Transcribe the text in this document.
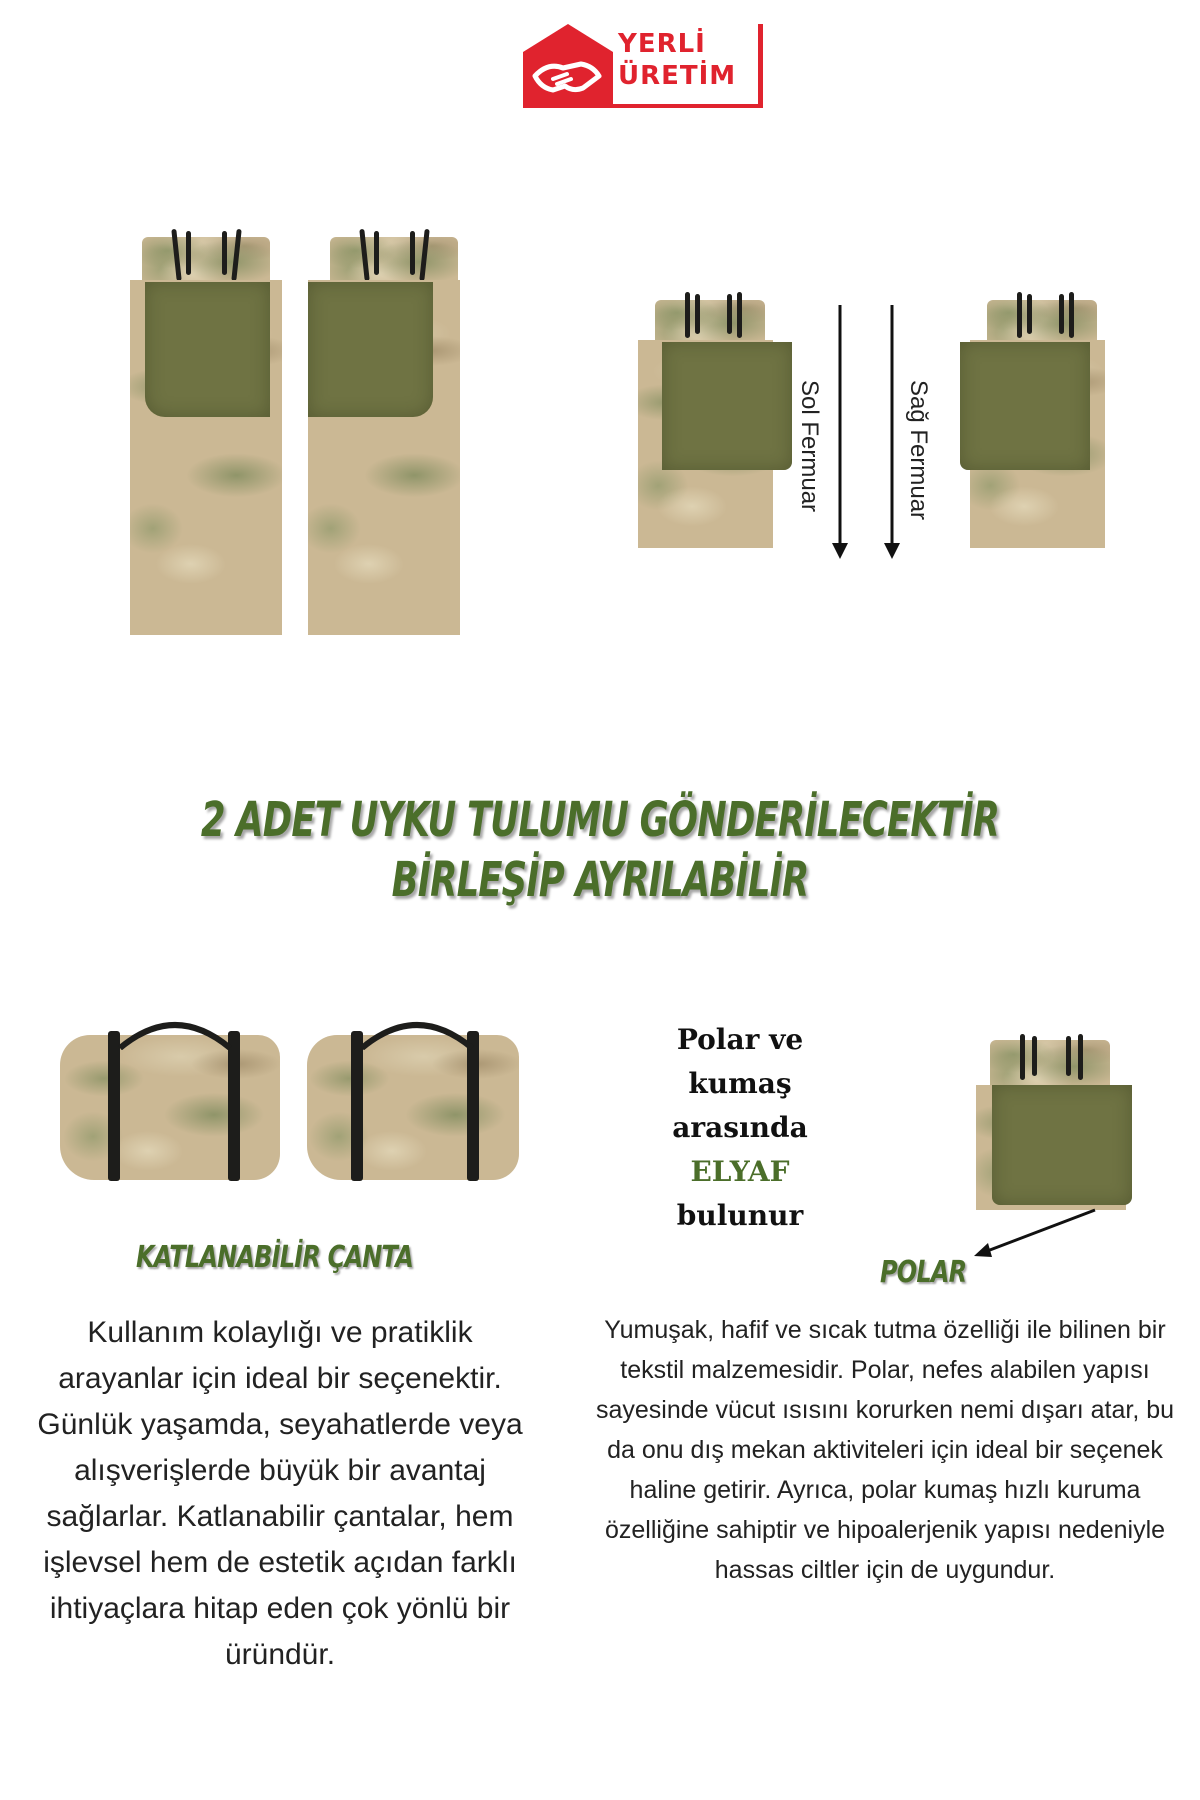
YERLİ
ÜRETİM
Sol Fermuar	Sağ Fermuar
2 ADET UYKU TULUMU GÖNDERİLECEKTİR
BİRLEŞİP AYRILABİLİR
Polar ve
kumaş
arasında
ELYAF
bulunur
KATLANABİLİR ÇANTA	POLAR
Kullanım kolaylığı ve pratiklik arayanlar için ideal bir seçenektir. Günlük yaşamda, seyahatlerde veya alışverişlerde büyük bir avantaj sağlarlar. Katlanabilir çantalar, hem işlevsel hem de estetik açıdan farklı ihtiyaçlara hitap eden çok yönlü bir üründür.
Yumuşak, hafif ve sıcak tutma özelliği ile bilinen bir tekstil malzemesidir. Polar, nefes alabilen yapısı sayesinde vücut ısısını korurken nemi dışarı atar, bu da onu dış mekan aktiviteleri için ideal bir seçenek haline getirir. Ayrıca, polar kumaş hızlı kuruma özelliğine sahiptir ve hipoalerjenik yapısı nedeniyle hassas ciltler için de uygundur.
